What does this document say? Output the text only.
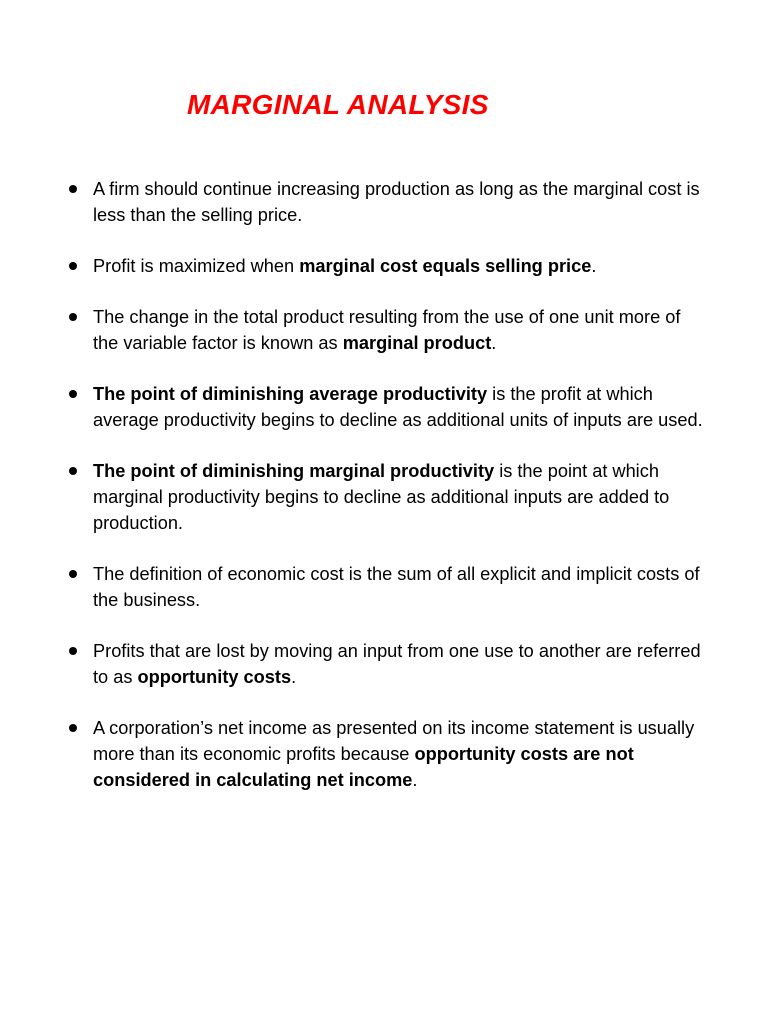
MARGINAL ANALYSIS
A firm should continue increasing production as long as the marginal cost is less than the selling price.
Profit is maximized when marginal cost equals selling price.
The change in the total product resulting from the use of one unit more of the variable factor is known as marginal product.
The point of diminishing average productivity is the profit at which average productivity begins to decline as additional units of inputs are used.
The point of diminishing marginal productivity is the point at which marginal productivity begins to decline as additional inputs are added to production.
The definition of economic cost is the sum of all explicit and implicit costs of the business.
Profits that are lost by moving an input from one use to another are referred to as opportunity costs.
A corporation’s net income as presented on its income statement is usually more than its economic profits because opportunity costs are not considered in calculating net income.
